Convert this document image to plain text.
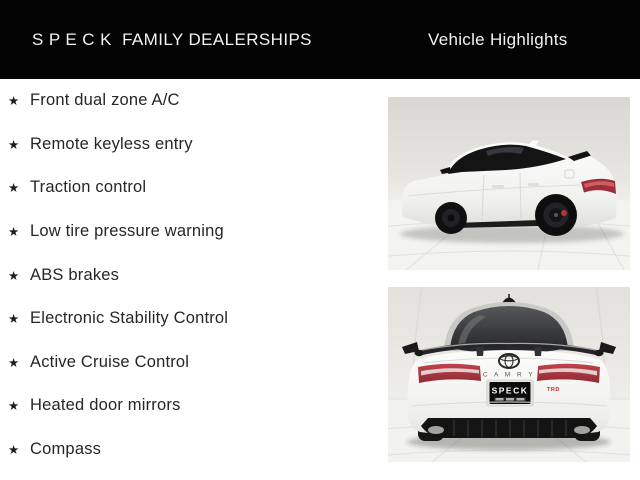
S P E C K  FAMILY DEALERSHIPS	Vehicle Highlights
★ Front dual zone A/C
★ Remote keyless entry
★ Traction control
★ Low tire pressure warning
★ ABS brakes
★ Electronic Stability Control
★ Active Cruise Control
★ Heated door mirrors
★ Compass
C A M R Y
SPECK	TRD
